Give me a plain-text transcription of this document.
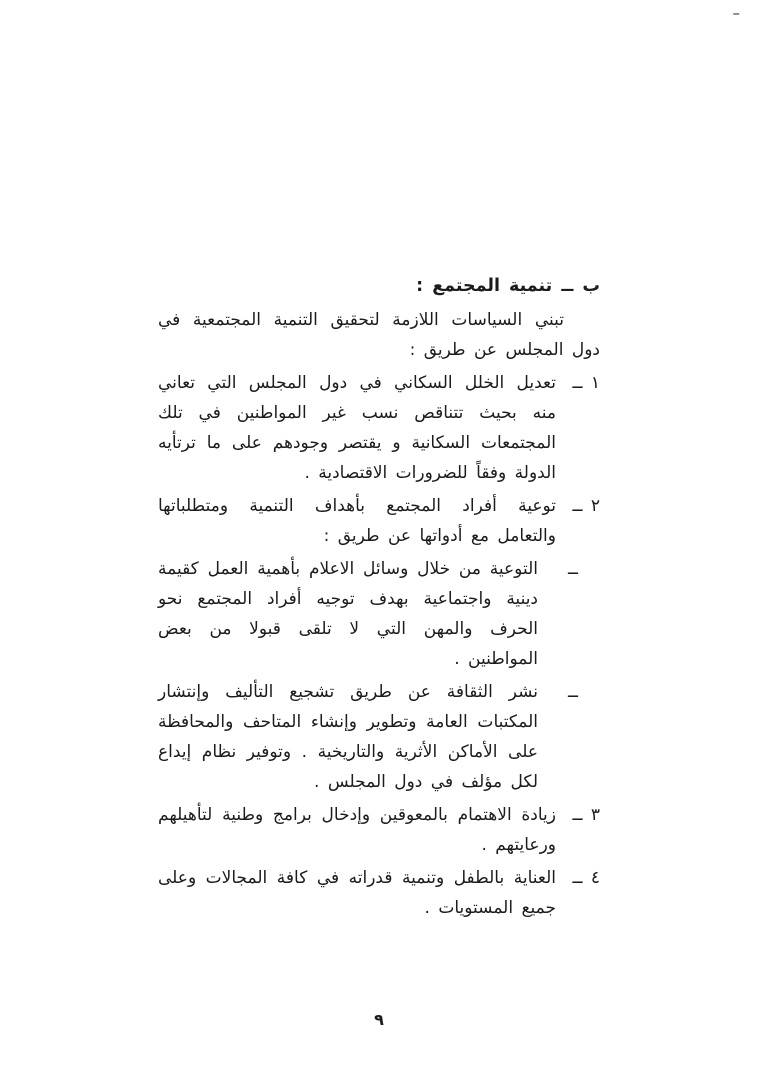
–
ب ــ تنمية المجتمع :

تبني السياسات اللازمة لتحقيق التنمية المجتمعية في دول المجلس عن طريق :

١ ــ
تعديل الخلل السكاني في دول المجلس التي تعاني منه بحيث تتناقص نسب غير المواطنين في تلك المجتمعات السكانية و يقتصر وجودهم على ما ترتأيه الدولة وفقاً للضرورات الاقتصادية .
٢ ــ
توعية أفراد المجتمع بأهداف التنمية ومتطلباتها والتعامل مع أدواتها عن طريق :
ــ
التوعية من خلال وسائل الاعلام بأهمية العمل كقيمة دينية واجتماعية بهدف توجيه أفراد المجتمع نحو الحرف والمهن التي لا تلقى قبولا من بعض المواطنين .
ــ
نشر الثقافة عن طريق تشجيع التأليف وإنتشار المكتبات العامة وتطوير وإنشاء المتاحف والمحافظة على الأماكن الأثرية والتاريخية . وتوفير نظام إيداع لكل مؤلف في دول المجلس .
٣ ــ
زيادة الاهتمام بالمعوقين وإدخال برامج وطنية لتأهيلهم ورعايتهم .
٤ ــ
العناية بالطفل وتنمية قدراته في كافة المجالات وعلى جميع المستويات .
٩
